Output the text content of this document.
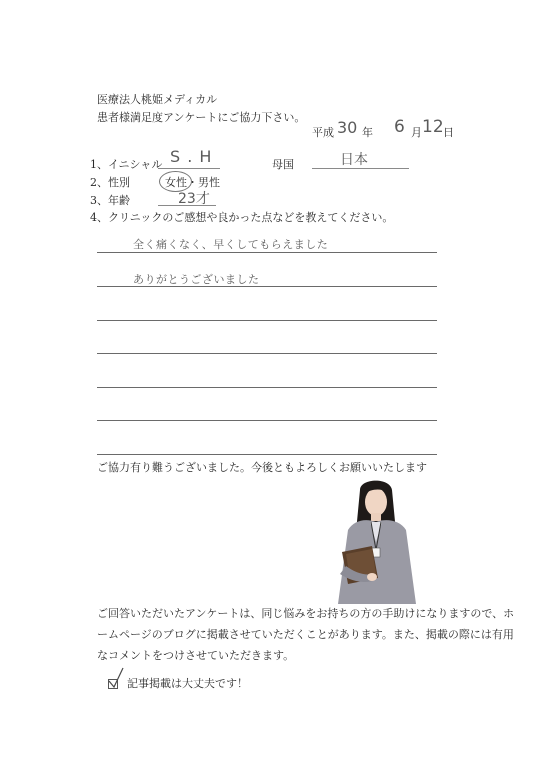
医療法人桃姫メディカル
患者様満足度アンケートにご協力下さい。
平成 30 年 6 月 12 日
1、イニシャル S . H	母国	日本
2、性別	女性・男性
3、年齢	23才
4、クリニックのご感想や良かった点などを教えてください。
全く痛くなく、早くしてもらえました
ありがとうございました
ご協力有り難うございました。今後ともよろしくお願いいたします
ご回答いただいたアンケートは、同じ悩みをお持ちの方の手助けになりますので、ホ
ームページのブログに掲載させていただくことがあります。また、掲載の際には有用
なコメントをつけさせていただきます。
記事掲載は大丈夫です！
